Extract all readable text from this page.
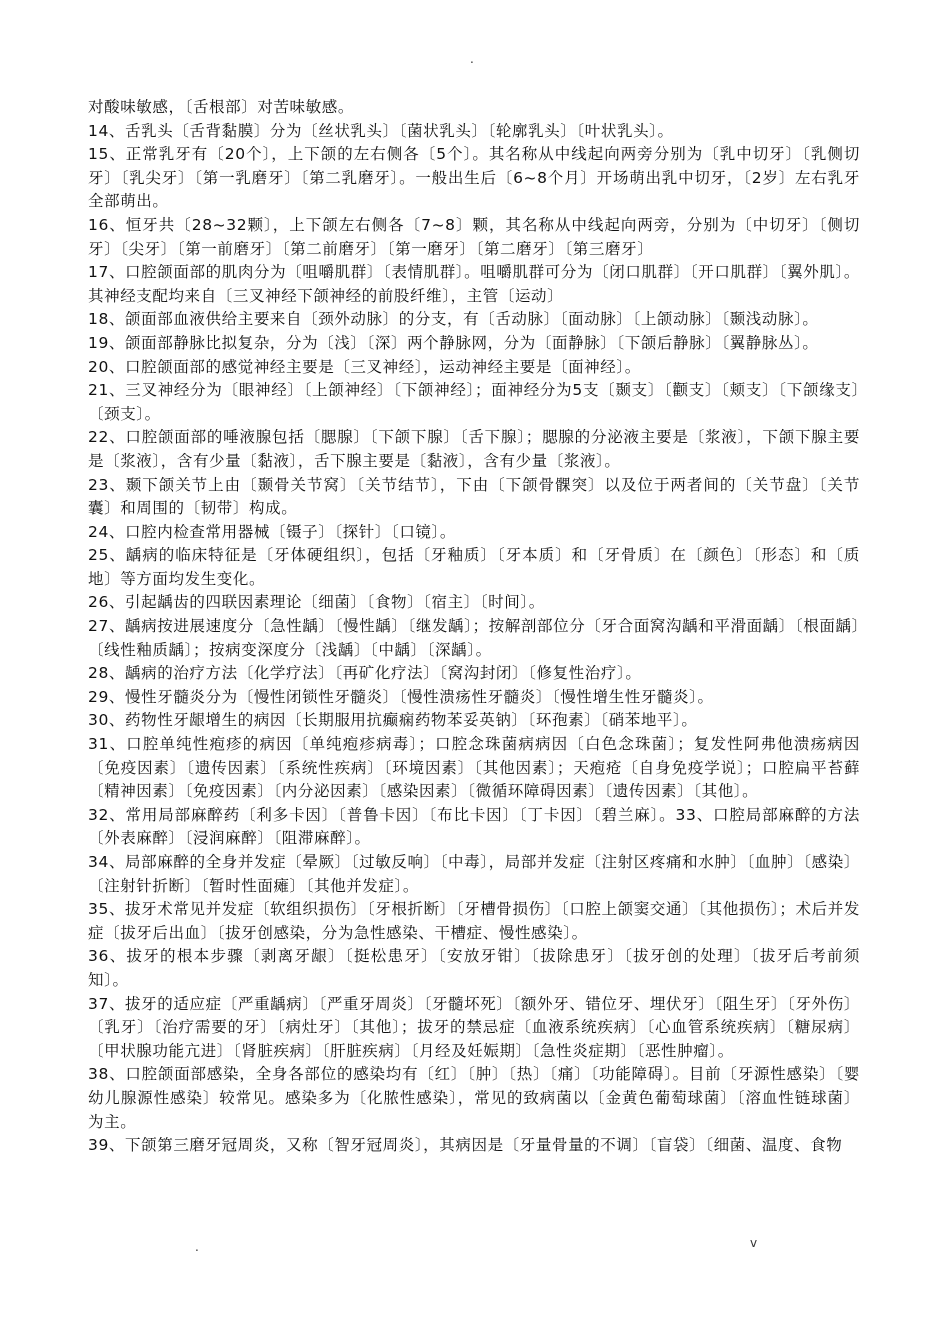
.

对酸味敏感，〔舌根部〕对苦味敏感。

14、舌乳头〔舌背黏膜〕分为〔丝状乳头〕〔菌状乳头〕〔轮廓乳头〕〔叶状乳头〕。

15、正常乳牙有〔20个〕，上下颌的左右侧各〔5个〕。其名称从中线起向两旁分别为〔乳中切牙〕〔乳侧切牙〕〔乳尖牙〕〔第一乳磨牙〕〔第二乳磨牙〕。一般出生后〔6~8个月〕开场萌出乳中切牙，〔2岁〕左右乳牙全部萌出。

16、恒牙共〔28~32颗〕，上下颌左右侧各〔7~8〕颗，其名称从中线起向两旁，分别为〔中切牙〕〔侧切牙〕〔尖牙〕〔第一前磨牙〕〔第二前磨牙〕〔第一磨牙〕〔第二磨牙〕〔第三磨牙〕

17、口腔颌面部的肌肉分为〔咀嚼肌群〕〔表情肌群〕。咀嚼肌群可分为〔闭口肌群〕〔开口肌群〕〔翼外肌〕。其神经支配均来自〔三叉神经下颌神经的前股纤维〕，主管〔运动〕

18、颌面部血液供给主要来自〔颈外动脉〕的分支，有〔舌动脉〕〔面动脉〕〔上颌动脉〕〔颞浅动脉〕。

19、颌面部静脉比拟复杂，分为〔浅〕〔深〕两个静脉网，分为〔面静脉〕〔下颌后静脉〕〔翼静脉丛〕。

20、口腔颌面部的感觉神经主要是〔三叉神经〕，运动神经主要是〔面神经〕。

21、三叉神经分为〔眼神经〕〔上颌神经〕〔下颌神经〕；面神经分为5支〔颞支〕〔颧支〕〔颊支〕〔下颌缘支〕〔颈支〕。

22、口腔颌面部的唾液腺包括〔腮腺〕〔下颌下腺〕〔舌下腺〕；腮腺的分泌液主要是〔浆液〕，下颌下腺主要是〔浆液〕，含有少量〔黏液〕，舌下腺主要是〔黏液〕，含有少量〔浆液〕。

23、颞下颌关节上由〔颞骨关节窝〕〔关节结节〕，下由〔下颌骨髁突〕以及位于两者间的〔关节盘〕〔关节囊〕和周围的〔韧带〕构成。

24、口腔内检查常用器械〔镊子〕〔探针〕〔口镜〕。

25、龋病的临床特征是〔牙体硬组织〕，包括〔牙釉质〕〔牙本质〕和〔牙骨质〕在〔颜色〕〔形态〕和〔质地〕等方面均发生变化。

26、引起龋齿的四联因素理论〔细菌〕〔食物〕〔宿主〕〔时间〕。

27、龋病按进展速度分〔急性龋〕〔慢性龋〕〔继发龋〕；按解剖部位分〔牙合面窝沟龋和平滑面龋〕〔根面龋〕〔线性釉质龋〕；按病变深度分〔浅龋〕〔中龋〕〔深龋〕。

28、龋病的治疗方法〔化学疗法〕〔再矿化疗法〕〔窝沟封闭〕〔修复性治疗〕。

29、慢性牙髓炎分为〔慢性闭锁性牙髓炎〕〔慢性溃疡性牙髓炎〕〔慢性增生性牙髓炎〕。

30、药物性牙龈增生的病因〔长期服用抗癫痫药物苯妥英钠〕〔环孢素〕〔硝苯地平〕。

31、口腔单纯性疱疹的病因〔单纯疱疹病毒〕；口腔念珠菌病病因〔白色念珠菌〕；复发性阿弗他溃疡病因〔免疫因素〕〔遗传因素〕〔系统性疾病〕〔环境因素〕〔其他因素〕；天疱疮〔自身免疫学说〕；口腔扁平苔藓〔精神因素〕〔免疫因素〕〔内分泌因素〕〔感染因素〕〔微循环障碍因素〕〔遗传因素〕〔其他〕。

32、常用局部麻醉药〔利多卡因〕〔普鲁卡因〕〔布比卡因〕〔丁卡因〕〔碧兰麻〕。33、口腔局部麻醉的方法〔外表麻醉〕〔浸润麻醉〕〔阻滞麻醉〕。

34、局部麻醉的全身并发症〔晕厥〕〔过敏反响〕〔中毒〕，局部并发症〔注射区疼痛和水肿〕〔血肿〕〔感染〕〔注射针折断〕〔暂时性面瘫〕〔其他并发症〕。

35、拔牙术常见并发症〔软组织损伤〕〔牙根折断〕〔牙槽骨损伤〕〔口腔上颌窦交通〕〔其他损伤〕；术后并发症〔拔牙后出血〕〔拔牙创感染，分为急性感染、干槽症、慢性感染〕。

36、拔牙的根本步骤〔剥离牙龈〕〔挺松患牙〕〔安放牙钳〕〔拔除患牙〕〔拔牙创的处理〕〔拔牙后考前须知〕。

37、拔牙的适应症〔严重龋病〕〔严重牙周炎〕〔牙髓坏死〕〔额外牙、错位牙、埋伏牙〕〔阻生牙〕〔牙外伤〕〔乳牙〕〔治疗需要的牙〕〔病灶牙〕〔其他〕；拔牙的禁忌症〔血液系统疾病〕〔心血管系统疾病〕〔糖尿病〕〔甲状腺功能亢进〕〔肾脏疾病〕〔肝脏疾病〕〔月经及妊娠期〕〔急性炎症期〕〔恶性肿瘤〕。

38、口腔颌面部感染，全身各部位的感染均有〔红〕〔肿〕〔热〕〔痛〕〔功能障碍〕。目前〔牙源性感染〕〔婴幼儿腺源性感染〕较常见。感染多为〔化脓性感染〕，常见的致病菌以〔金黄色葡萄球菌〕〔溶血性链球菌〕为主。

39、下颌第三磨牙冠周炎，又称〔智牙冠周炎〕，其病因是〔牙量骨量的不调〕〔盲袋〕〔细菌、温度、食物

.	v
